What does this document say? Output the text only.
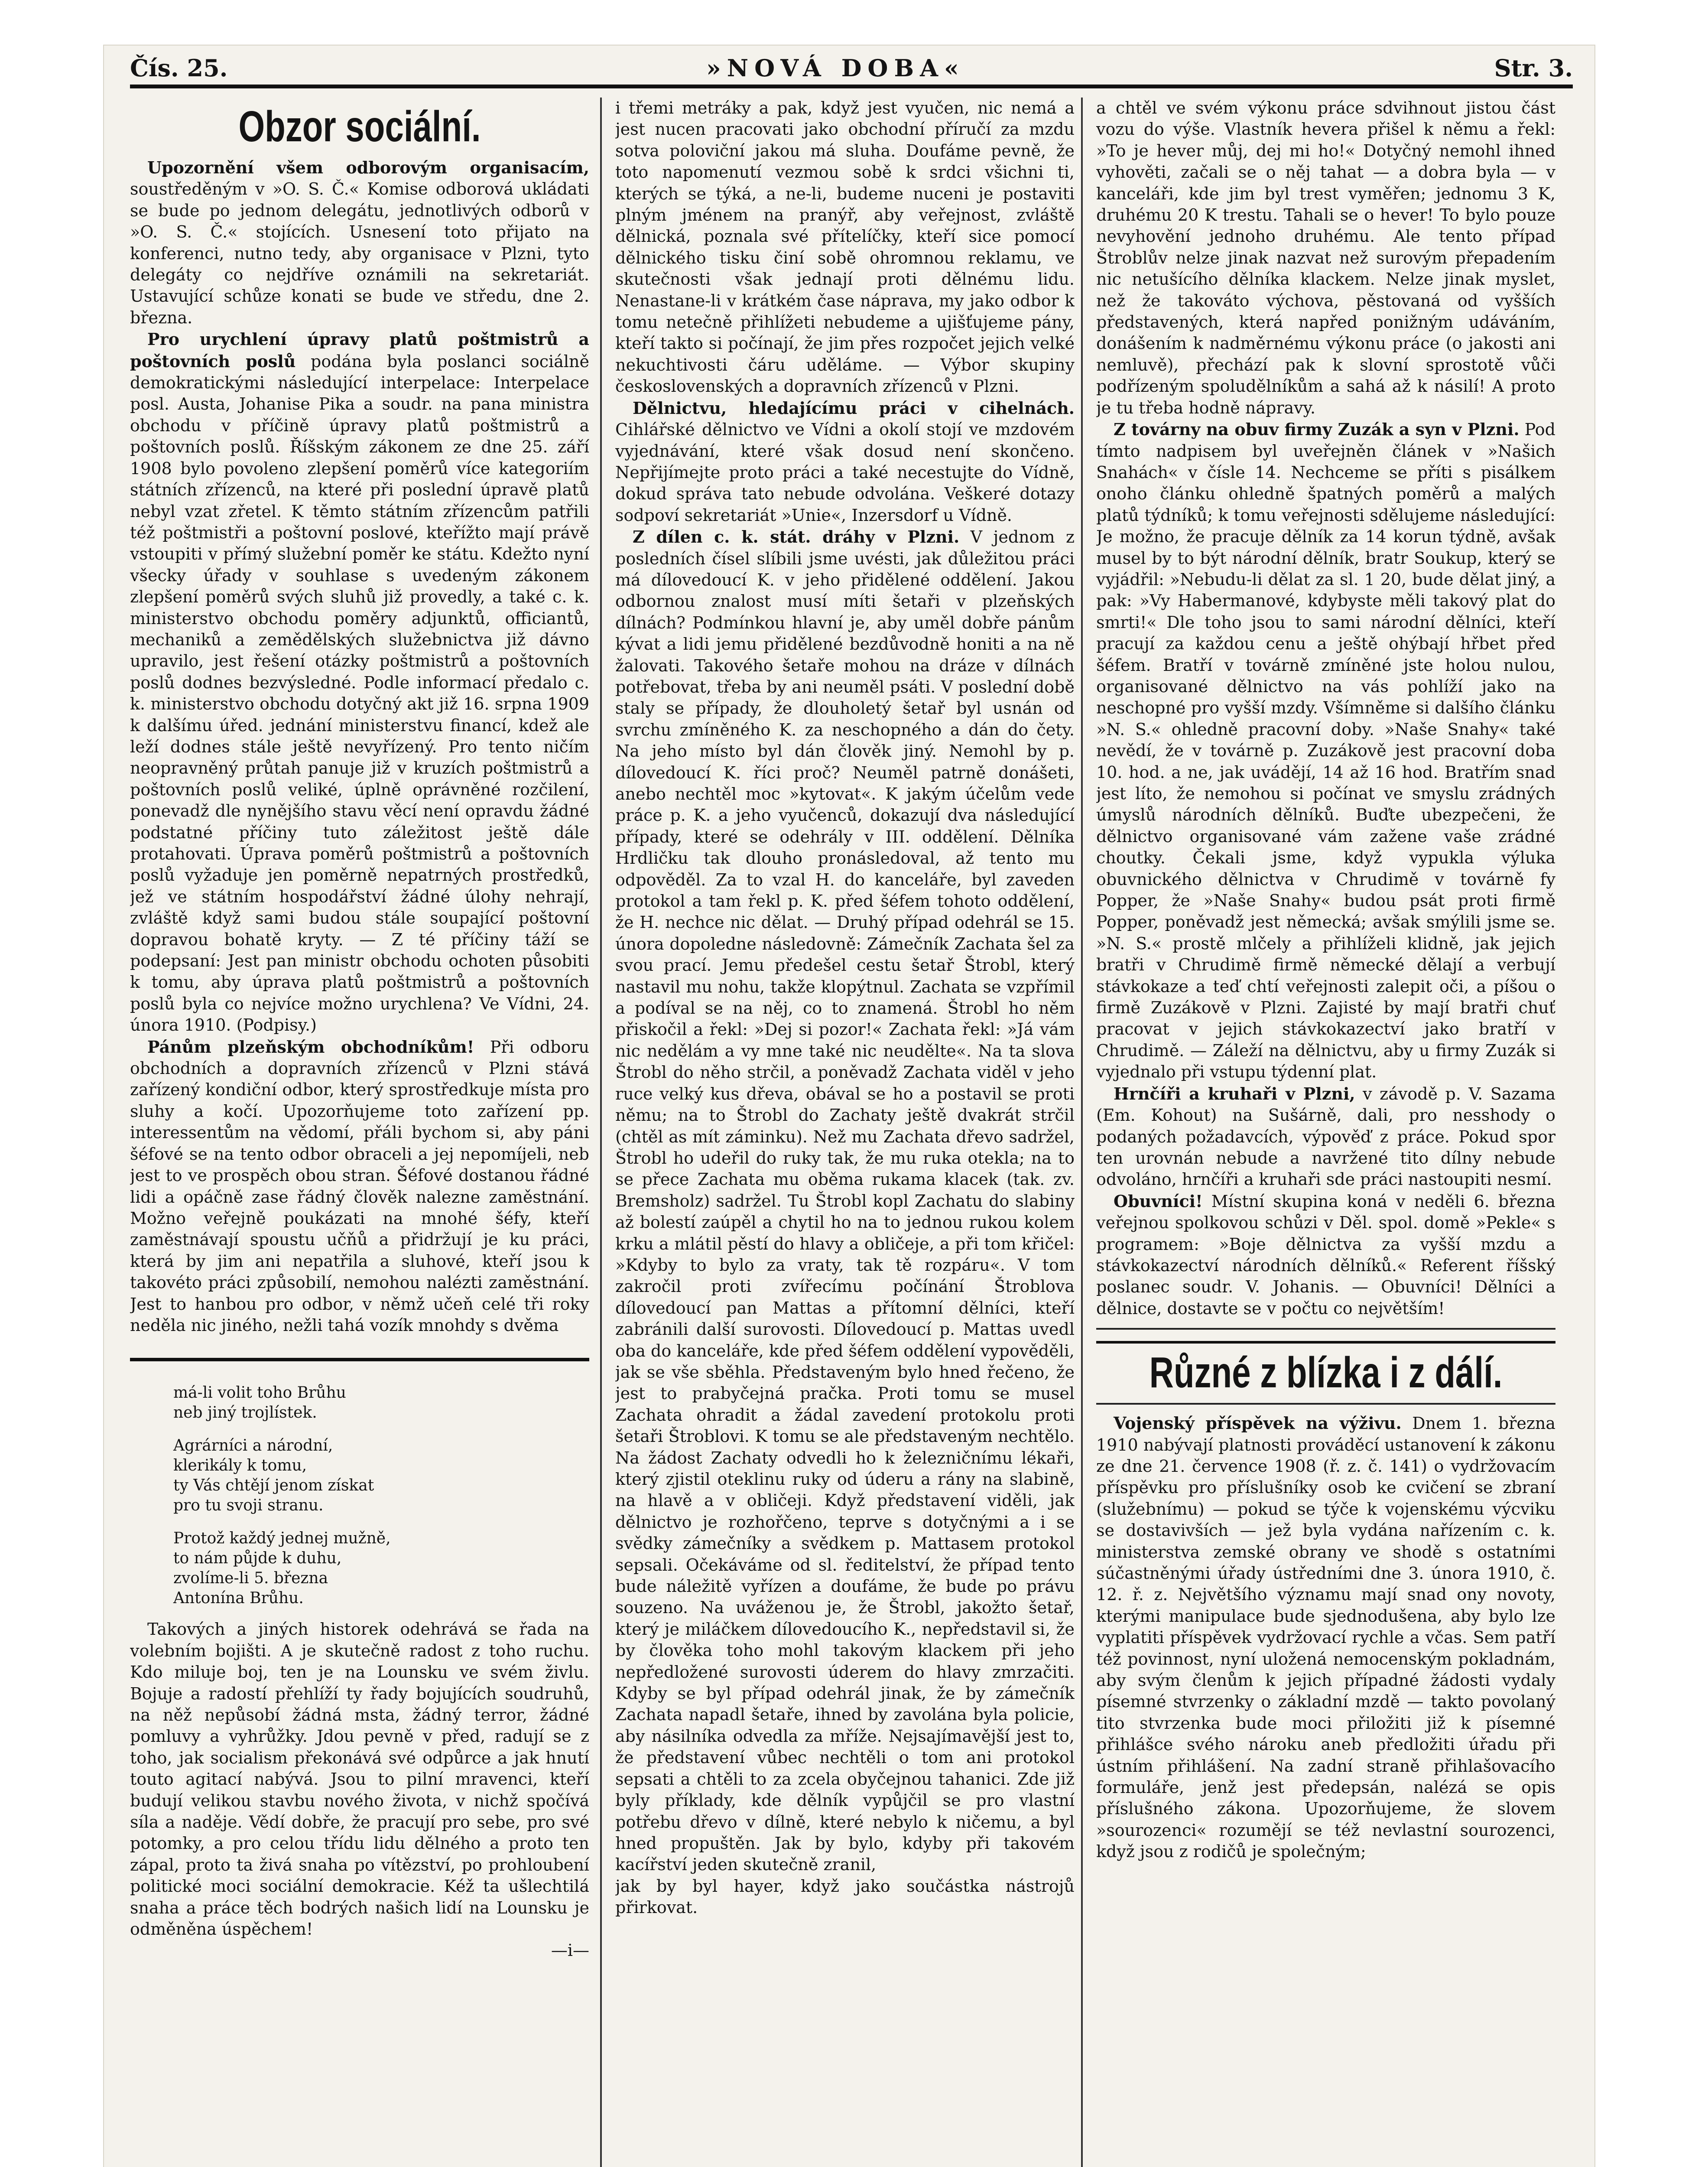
Čís. 25.	»NOVÁ DOBA«	Str. 3.
Obzor sociální.

Upozornění všem odborovým organisacím, soustředěným v »O. S. Č.« Komise odborová ukládati se bude po jednom delegátu, jednotlivých odborů v »O. S. Č.« stojících. Usnesení toto přijato na konferenci, nutno tedy, aby organisace v Plzni, tyto delegáty co nejdříve oznámili na sekretariát. Ustavující schůze konati se bude ve středu, dne 2. března.

Pro urychlení úpravy platů poštmistrů a poštovních poslů podána byla poslanci sociálně demokratickými následující interpelace: Interpelace posl. Austa, Johanise Pika a soudr. na pana ministra obchodu v příčině úpravy platů poštmistrů a poštovních poslů. Říšským zákonem ze dne 25. září 1908 bylo povoleno zlepšení poměrů více kategoriím státních zřízenců, na které při poslední úpravě platů nebyl vzat zřetel. K těmto státním zřízencům patřili též poštmistři a poštovní poslové, kteřížto mají právě vstoupiti v přímý služební poměr ke státu. Kdežto nyní všecky úřady v souhlase s uvedeným zákonem zlepšení poměrů svých sluhů již provedly, a také c. k. ministerstvo obchodu poměry adjunktů, officiantů, mechaniků a zemědělských služebnictva již dávno upravilo, jest řešení otázky poštmistrů a poštovních poslů dodnes bezvýsledné. Podle informací předalo c. k. ministerstvo obchodu dotyčný akt již 16. srpna 1909 k dalšímu úřed. jednání ministerstvu financí, kdež ale leží dodnes stále ještě nevyřízený. Pro tento ničím neopravněný průtah panuje již v kruzích poštmistrů a poštovních poslů veliké, úplně oprávněné rozčilení, ponevadž dle nynějšího stavu věcí není opravdu žádné podstatné příčiny tuto záležitost ještě dále protahovati. Úprava poměrů poštmistrů a poštovních poslů vyžaduje jen poměrně nepatrných prostředků, jež ve státním hospodářství žádné úlohy nehrají, zvláště když sami budou stále soupající poštovní dopravou bohatě kryty. — Z té příčiny táží se podepsaní: Jest pan ministr obchodu ochoten působiti k tomu, aby úprava platů poštmistrů a poštovních poslů byla co nejvíce možno urychlena? Ve Vídni, 24. února 1910. (Podpisy.)

Pánům plzeňským obchodníkům! Při odboru obchodních a dopravních zřízenců v Plzni stává zařízený kondiční odbor, který sprostředkuje místa pro sluhy a kočí. Upozorňujeme toto zařízení pp. interessentům na vědomí, přáli bychom si, aby páni šéfové se na tento odbor obraceli a jej nepomíjeli, neb jest to ve prospěch obou stran. Šéfové dostanou řádné lidi a opáčně zase řádný člověk nalezne zaměstnání. Možno veřejně poukázati na mnohé šéfy, kteří zaměstnávají spoustu učňů a přidržují je ku práci, která by jim ani nepatřila a sluhové, kteří jsou k takovéto práci způsobilí, nemohou nalézti zaměstnání. Jest to hanbou pro odbor, v němž učeň celé tři roky neděla nic jiného, nežli tahá vozík mnohdy s dvěma

má-li volit toho Brůhu
neb jiný trojlístek.
Agrárníci a národní,
klerikály k tomu,
ty Vás chtějí jenom získat
pro tu svoji stranu.
Protož každý jednej mužně,
to nám půjde k duhu,
zvolíme-li 5. března
Antonína Brůhu.

Takových a jiných historek odehrává se řada na volebním bojišti. A je skutečně radost z toho ruchu. Kdo miluje boj, ten je na Lounsku ve svém živlu. Bojuje a radostí přehlíží ty řady bojujících soudruhů, na něž nepůsobí žádná msta, žádný terror, žádné pomluvy a vyhrůžky. Jdou pevně v před, radují se z toho, jak socialism překonává své odpůrce a jak hnutí touto agitací nabývá. Jsou to pilní mravenci, kteří budují velikou stavbu nového života, v nichž spočívá síla a naděje. Vědí dobře, že pracují pro sebe, pro své potomky, a pro celou třídu lidu dělného a proto ten zápal, proto ta živá snaha po vítězství, po prohloubení politické moci sociální demokracie. Kéž ta ušlechtilá snaha a práce těch bodrých našich lidí na Lounsku je odměněna úspěchem!

—i—

i třemi metráky a pak, když jest vyučen, nic nemá a jest nucen pracovati jako obchodní příručí za mzdu sotva poloviční jakou má sluha. Doufáme pevně, že toto napomenutí vezmou sobě k srdci všichni ti, kterých se týká, a ne-li, budeme nuceni je postaviti plným jménem na pranýř, aby veřejnost, zvláště dělnická, poznala své přítelíčky, kteří sice pomocí dělnického tisku činí sobě ohromnou reklamu, ve skutečnosti však jednají proti dělnému lidu. Nenastane-li v krátkém čase náprava, my jako odbor k tomu netečně přihlížeti nebudeme a ujišťujeme pány, kteří takto si počínají, že jim přes rozpočet jejich velké nekuchtivosti čáru uděláme. — Výbor skupiny československých a dopravních zřízenců v Plzni.

Dělnictvu, hledajícímu práci v cihelnách. Cihlářské dělnictvo ve Vídni a okolí stojí ve mzdovém vyjednávání, které však dosud není skončeno. Nepřijímejte proto práci a také necestujte do Vídně, dokud správa tato nebude odvolána. Veškeré dotazy sodpoví sekretariát »Unie«, Inzersdorf u Vídně.

Z dílen c. k. stát. dráhy v Plzni. V jednom z posledních čísel slíbili jsme uvésti, jak důležitou práci má dílovedoucí K. v jeho přidělené oddělení. Jakou odbornou znalost musí míti šetaři v plzeňských dílnách? Podmínkou hlavní je, aby uměl dobře pánům kývat a lidi jemu přidělené bezdůvodně honiti a na ně žalovati. Takového šetaře mohou na dráze v dílnách potřebovat, třeba by ani neuměl psáti. V poslední době staly se případy, že dlouholetý šetař byl usnán od svrchu zmíněného K. za neschopného a dán do čety. Na jeho místo byl dán člověk jiný. Nemohl by p. dílovedoucí K. říci proč? Neuměl patrně donášeti, anebo nechtěl moc »kytovat«. K jakým účelům vede práce p. K. a jeho vyučenců, dokazují dva následující případy, které se odehrály v III. oddělení. Dělníka Hrdličku tak dlouho pronásledoval, až tento mu odpověděl. Za to vzal H. do kanceláře, byl zaveden protokol a tam řekl p. K. před šéfem tohoto oddělení, že H. nechce nic dělat. — Druhý případ odehrál se 15. února dopoledne následovně: Zámečník Zachata šel za svou prací. Jemu předešel cestu šetař Štrobl, který nastavil mu nohu, takže klopýtnul. Zachata se vzpřímil a podíval se na něj, co to znamená. Štrobl ho něm přiskočil a řekl: »Dej si pozor!« Zachata řekl: »Já vám nic nedělám a vy mne také nic neudělte«. Na ta slova Štrobl do něho strčil, a poněvadž Zachata viděl v jeho ruce velký kus dřeva, obával se ho a postavil se proti němu; na to Štrobl do Zachaty ještě dvakrát strčil (chtěl as mít záminku). Než mu Zachata dřevo sadržel, Štrobl ho udeřil do ruky tak, že mu ruka otekla; na to se přece Zachata mu oběma rukama klacek (tak. zv. Bremsholz) sadržel. Tu Štrobl kopl Zachatu do slabiny až bolestí zaúpěl a chytil ho na to jednou rukou kolem krku a mlátil pěstí do hlavy a obličeje, a při tom křičel: »Kdyby to bylo za vraty, tak tě rozpáru«. V tom zakročil proti zvířecímu počínání Štroblova dílovedoucí pan Mattas a přítomní dělníci, kteří zabránili další surovosti. Dílovedoucí p. Mattas uvedl oba do kanceláře, kde před šéfem oddělení vypověděli, jak se vše sběhla. Představeným bylo hned řečeno, že jest to prabyčejná pračka. Proti tomu se musel Zachata ohradit a žádal zavedení protokolu proti šetaři Štroblovi. K tomu se ale představeným nechtělo. Na žádost Zachaty odvedli ho k železničnímu lékaři, který zjistil oteklinu ruky od úderu a rány na slabině, na hlavě a v obličeji. Když představení viděli, jak dělnictvo je rozhořčeno, teprve s dotyčnými a i se svědky zámečníky a svědkem p. Mattasem protokol sepsali. Očekáváme od sl. ředitelství, že případ tento bude náležitě vyřízen a doufáme, že bude po právu souzeno. Na uváženou je, že Štrobl, jakožto šetař, který je miláčkem dílovedoucího K., nepředstavil si, že by člověka toho mohl takovým klackem při jeho nepředložené surovosti úderem do hlavy zmrzačiti. Kdyby se byl případ odehrál jinak, že by zámečník Zachata napadl šetaře, ihned by zavolána byla policie, aby násilníka odvedla za mříže. Nejsajímavější jest to, že představení vůbec nechtěli o tom ani protokol sepsati a chtěli to za zcela obyčejnou tahanici. Zde již byly příklady, kde dělník vypůjčil se pro vlastní potřebu dřevo v dílně, které nebylo k ničemu, a byl hned propuštěn. Jak by bylo, kdyby při takovém kacířství jeden skutečně zranil,

jak by byl hayer, když jako součástka nástrojů přirkovat.

a chtěl ve svém výkonu práce sdvihnout jistou část vozu do výše. Vlastník hevera přišel k němu a řekl: »To je hever můj, dej mi ho!« Dotyčný nemohl ihned vyhověti, začali se o něj tahat — a dobra byla — v kanceláři, kde jim byl trest vyměřen; jednomu 3 K, druhému 20 K trestu. Tahali se o hever! To bylo pouze nevyhovění jednoho druhému. Ale tento případ Štroblův nelze jinak nazvat než surovým přepadením nic netušícího dělníka klackem. Nelze jinak myslet, než že takováto výchova, pěstovaná od vyšších představených, která napřed ponižným udáváním, donášením k nadměrnému výkonu práce (o jakosti ani nemluvě), přechází pak k slovní sprostotě vůči podřízeným spoludělníkům a sahá až k násilí! A proto je tu třeba hodně nápravy.

Z továrny na obuv firmy Zuzák a syn v Plzni. Pod tímto nadpisem byl uveřejněn článek v »Našich Snahách« v čísle 14. Nechceme se příti s pisálkem onoho článku ohledně špatných poměrů a malých platů týdníků; k tomu veřejnosti sdělujeme následující: Je možno, že pracuje dělník za 14 korun týdně, avšak musel by to být národní dělník, bratr Soukup, který se vyjádřil: »Nebudu-li dělat za sl. 1 20, bude dělat jiný, a pak: »Vy Habermanové, kdybyste měli takový plat do smrti!« Dle toho jsou to sami národní dělníci, kteří pracují za každou cenu a ještě ohýbají hřbet před šéfem. Bratří v továrně zmíněné jste holou nulou, organisované dělnictvo na vás pohlíží jako na neschopné pro vyšší mzdy. Všímněme si dalšího článku »N. S.« ohledně pracovní doby. »Naše Snahy« také nevědí, že v továrně p. Zuzákově jest pracovní doba 10. hod. a ne, jak uvádějí, 14 až 16 hod. Bratřím snad jest líto, že nemohou si počínat ve smyslu zrádných úmyslů národních dělníků. Buďte ubezpečeni, že dělnictvo organisované vám zažene vaše zrádné choutky. Čekali jsme, když vypukla výluka obuvnického dělnictva v Chrudimě v továrně fy Popper, že »Naše Snahy« budou psát proti firmě Popper, poněvadž jest německá; avšak smýlili jsme se. »N. S.« prostě mlčely a přihlíželi klidně, jak jejich bratři v Chrudimě firmě německé dělají a verbují stávkokaze a teď chtí veřejnosti zalepit oči, a píšou o firmě Zuzákově v Plzni. Zajisté by mají bratři chuť pracovat v jejich stávkokazectví jako bratří v Chrudimě. — Záleží na dělnictvu, aby u firmy Zuzák si vyjednalo při vstupu týdenní plat.

Hrnčíři a kruhaři v Plzni, v závodě p. V. Sazama (Em. Kohout) na Sušárně, dali, pro nesshody o podaných požadavcích, výpověď z práce. Pokud spor ten urovnán nebude a navržené tito dílny nebude odvoláno, hrnčíři a kruhaři sde práci nastoupiti nesmí.

Obuvníci! Místní skupina koná v neděli 6. března veřejnou spolkovou schůzi v Děl. spol. domě »Pekle« s programem: »Boje dělnictva za vyšší mzdu a stávkokazectví národních dělníků.« Referent říšský poslanec soudr. V. Johanis. — Obuvníci! Dělníci a dělnice, dostavte se v počtu co největším!

Různé z blízka i z dálí.

Vojenský příspěvek na výživu. Dnem 1. března 1910 nabývají platnosti prováděcí ustanovení k zákonu ze dne 21. července 1908 (ř. z. č. 141) o vydržovacím příspěvku pro příslušníky osob ke cvičení se zbraní (služebnímu) — pokud se týče k vojenskému výcviku se dostavivších — jež byla vydána nařízením c. k. ministerstva zemské obrany ve shodě s ostatními súčastněnými úřady ústředními dne 3. února 1910, č. 12. ř. z. Největšího významu mají snad ony novoty, kterými manipulace bude sjednodušena, aby bylo lze vyplatiti příspěvek vydržovací rychle a včas. Sem patří též povinnost, nyní uložená nemocenským pokladnám, aby svým členům k jejich případné žádosti vydaly písemné stvrzenky o základní mzdě — takto povolaný tito stvrzenka bude moci přiložiti již k písemné přihlášce svého nároku aneb předložiti úřadu při ústním přihlášení. Na zadní straně přihlašovacího formuláře, jenž jest předepsán, nalézá se opis příslušného zákona. Upozorňujeme, že slovem »sourozenci« rozumějí se též nevlastní sourozenci, když jsou z rodičů je společným;
